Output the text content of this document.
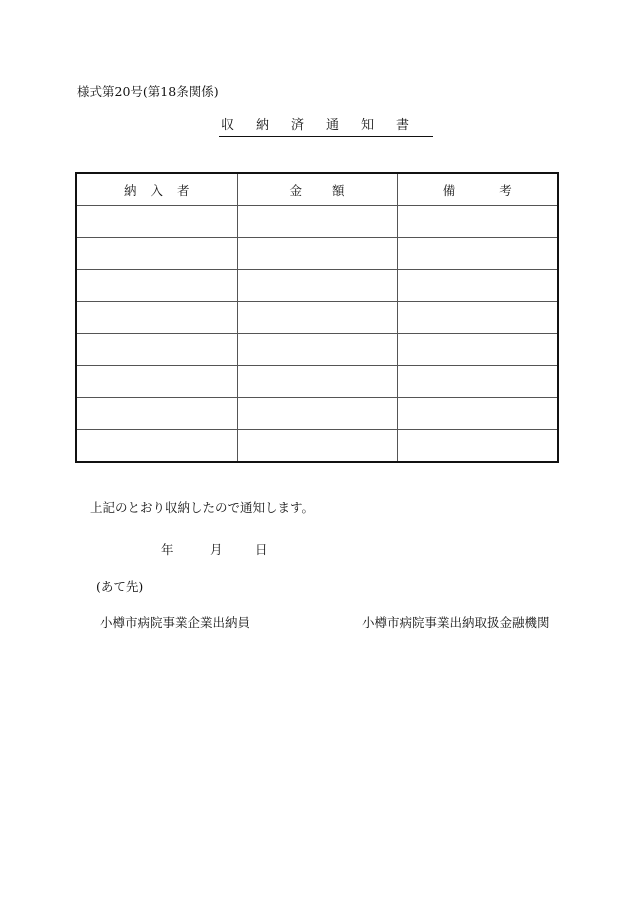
様式第20号(第18条関係)
収納済通知書
納入者	金額	備考

上記のとおり収納したので通知します。
年	月	日
(あて先)
小樽市病院事業企業出納員	小樽市病院事業出納取扱金融機関
